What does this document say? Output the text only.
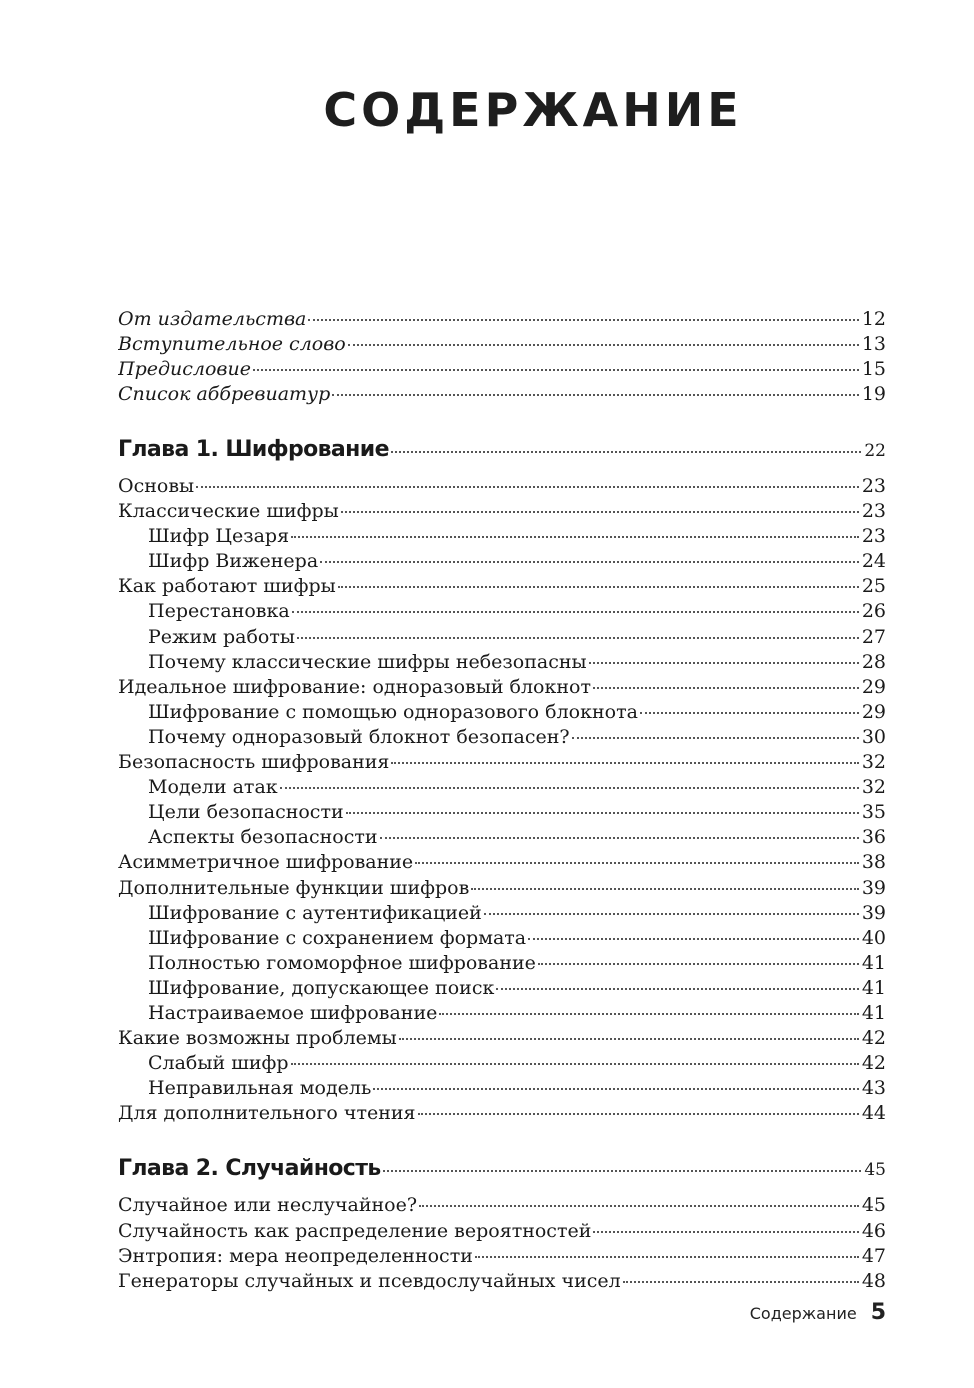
СОДЕРЖАНИЕ
От издательства	12
Вступительное слово	13
Предисловие	15
Список аббревиатур	19
Глава 1. Шифрование	22
Основы	23
Классические шифры	23
Шифр Цезаря	23
Шифр Виженера	24
Как работают шифры	25
Перестановка	26
Режим работы	27
Почему классические шифры небезопасны	28
Идеальное шифрование: одноразовый блокнот	29
Шифрование с помощью одноразового блокнота	29
Почему одноразовый блокнот безопасен?	30
Безопасность шифрования	32
Модели атак	32
Цели безопасности	35
Аспекты безопасности	36
Асимметричное шифрование	38
Дополнительные функции шифров	39
Шифрование с аутентификацией	39
Шифрование с сохранением формата	40
Полностью гомоморфное шифрование	41
Шифрование, допускающее поиск	41
Настраиваемое шифрование	41
Какие возможны проблемы	42
Слабый шифр	42
Неправильная модель	43
Для дополнительного чтения	44
Глава 2. Случайность	45
Случайное или неслучайное?	45
Случайность как распределение вероятностей	46
Энтропия: мера неопределенности	47
Генераторы случайных и псевдослучайных чисел	48
Содержание 5
